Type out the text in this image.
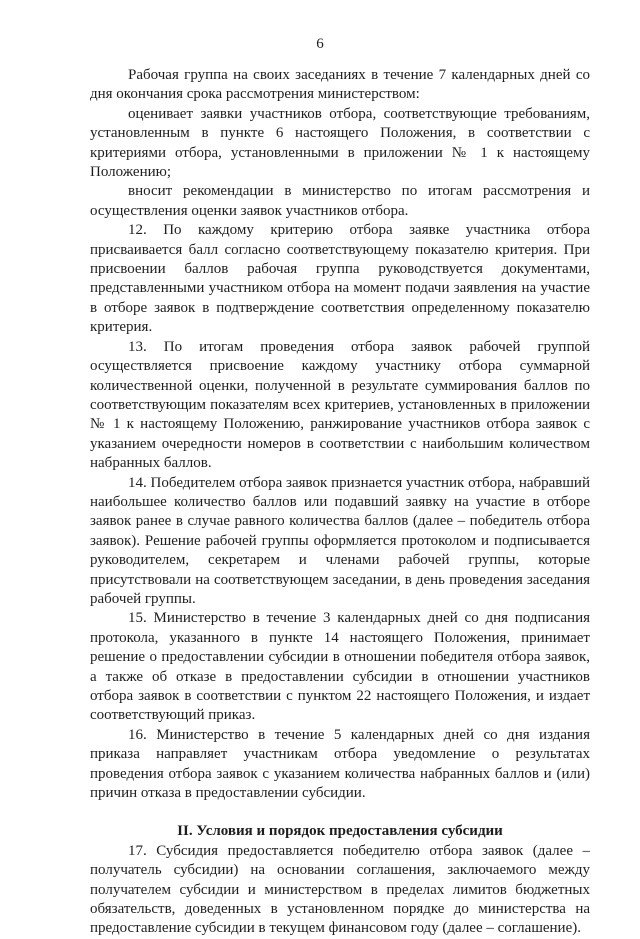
6

Рабочая группа на своих заседаниях в течение 7 календарных дней со дня окончания срока рассмотрения министерством:

оценивает заявки участников отбора, соответствующие требованиям, установленным в пункте 6 настоящего Положения, в соответствии с критериями отбора, установленными в приложении № 1 к настоящему Положению;

вносит рекомендации в министерство по итогам рассмотрения и осуществления оценки заявок участников отбора.

12. По каждому критерию отбора заявке участника отбора присваивается балл согласно соответствующему показателю критерия. При присвоении баллов рабочая группа руководствуется документами, представленными участником отбора на момент подачи заявления на участие в отборе заявок в подтверждение соответствия определенному показателю критерия.

13. По итогам проведения отбора заявок рабочей группой осуществляется присвоение каждому участнику отбора суммарной количественной оценки, полученной в результате суммирования баллов по соответствующим показателям всех критериев, установленных в приложении № 1 к настоящему Положению, ранжирование участников отбора заявок с указанием очередности номеров в соответствии с наибольшим количеством набранных баллов.

14. Победителем отбора заявок признается участник отбора, набравший наибольшее количество баллов или подавший заявку на участие в отборе заявок ранее в случае равного количества баллов (далее – победитель отбора заявок). Решение рабочей группы оформляется протоколом и подписывается руководителем, секретарем и членами рабочей группы, которые присутствовали на соответствующем заседании, в день проведения заседания рабочей группы.

15. Министерство в течение 3 календарных дней со дня подписания протокола, указанного в пункте 14 настоящего Положения, принимает решение о предоставлении субсидии в отношении победителя отбора заявок, а также об отказе в предоставлении субсидии в отношении участников отбора заявок в соответствии с пунктом 22 настоящего Положения, и издает соответствующий приказ.

16. Министерство в течение 5 календарных дней со дня издания приказа направляет участникам отбора уведомление о результатах проведения отбора заявок с указанием количества набранных баллов и (или) причин отказа в предоставлении субсидии.

II. Условия и порядок предоставления субсидии

17. Субсидия предоставляется победителю отбора заявок (далее – получатель субсидии) на основании соглашения, заключаемого между получателем субсидии и министерством в пределах лимитов бюджетных обязательств, доведенных в установленном порядке до министерства на предоставление субсидии в текущем финансовом году (далее – соглашение).
